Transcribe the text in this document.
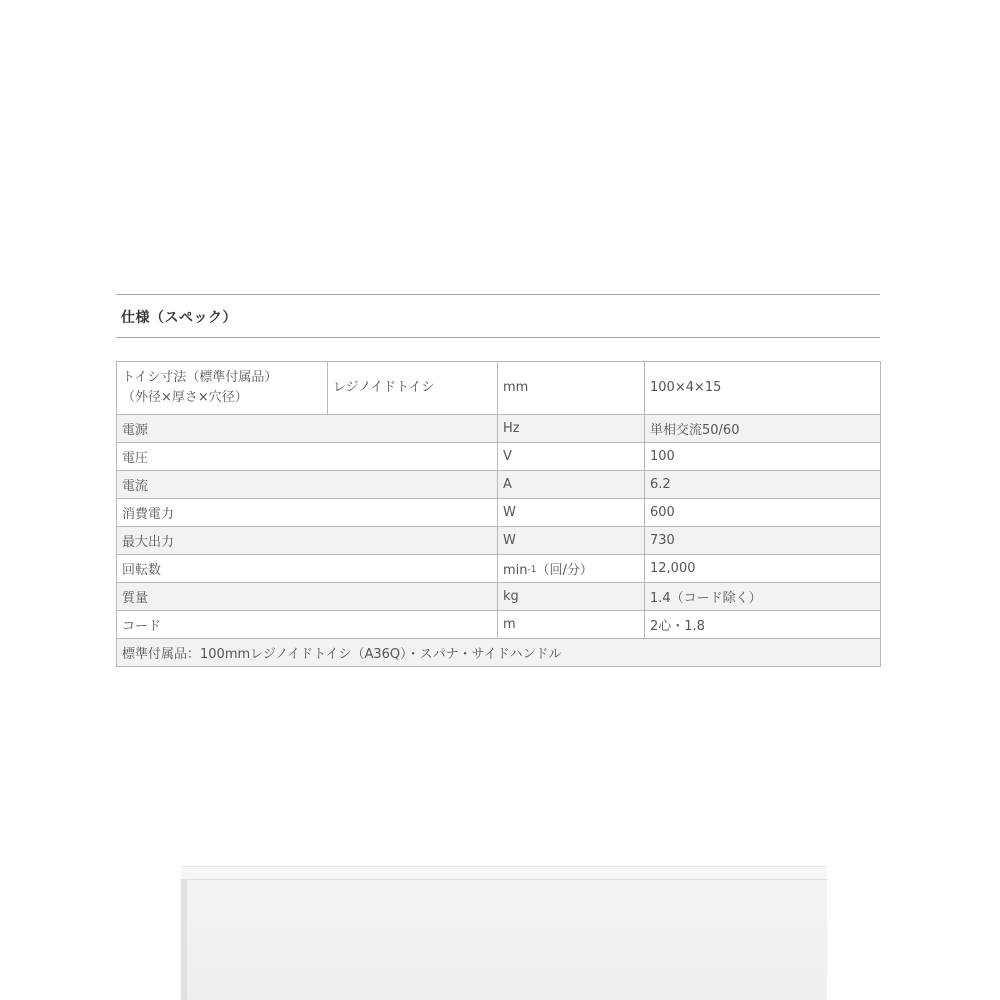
仕様（スペック）
トイシ寸法（標準付属品）
（外径×厚さ×穴径）	レジノイドトイシ	mm	100×4×15
電源		Hz	単相交流50/60
電圧		V	100
電流		A	6.2
消費電力		W	600
最大出力		W	730
回転数		$\min^{-1}$（回/分）	12,000
質量		kg	1.4（コード除く）
コード		m	2心・1.8
標準付属品：100mmレジノイドトイシ（A36Q）・スパナ・サイドハンドル			
